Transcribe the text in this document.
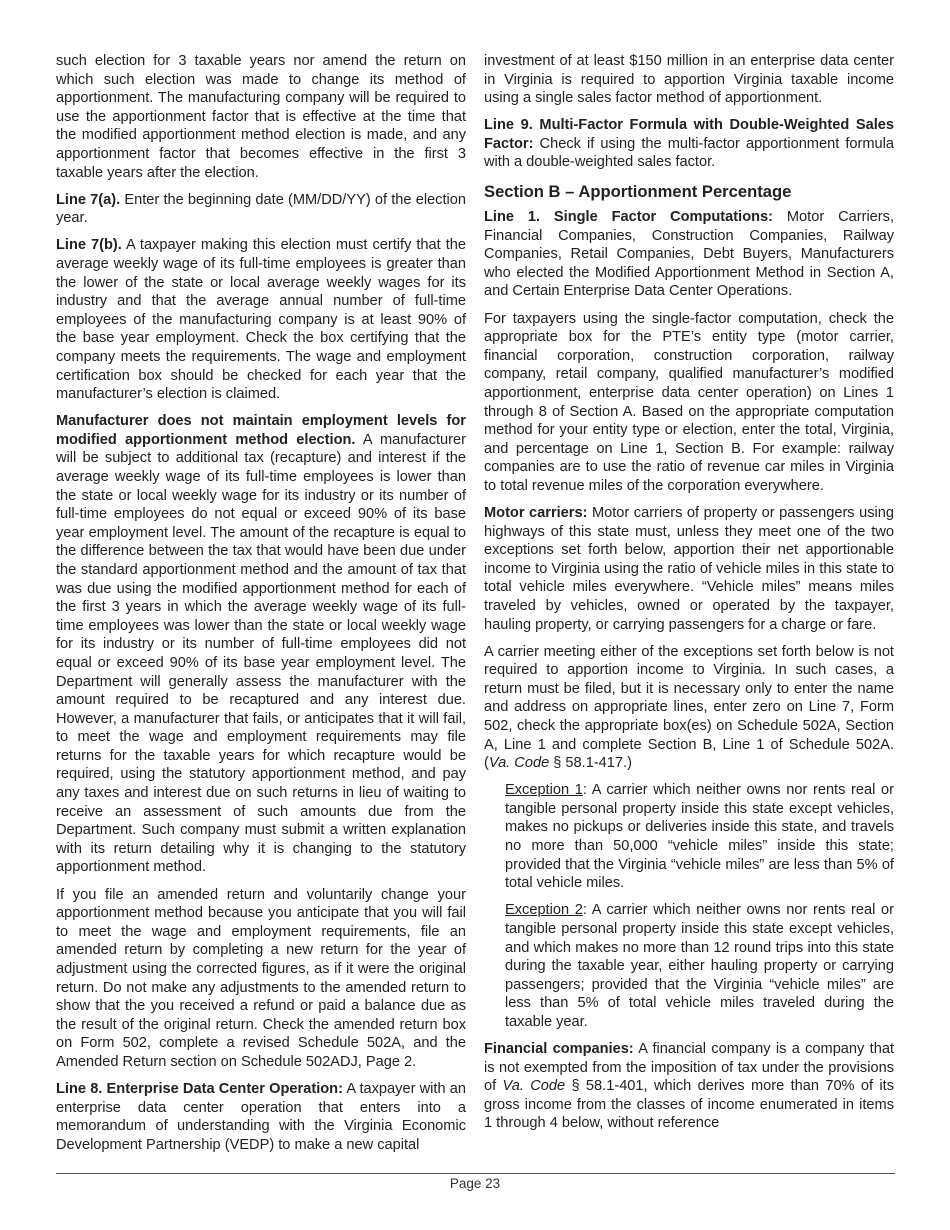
such election for 3 taxable years nor amend the return on which such election was made to change its method of apportionment. The manufacturing company will be required to use the apportionment factor that is effective at the time that the modified apportionment method election is made, and any apportionment factor that becomes effective in the first 3 taxable years after the election.

Line 7(a). Enter the beginning date (MM/DD/YY) of the election year.

Line 7(b). A taxpayer making this election must certify that the average weekly wage of its full-time employees is greater than the lower of the state or local average weekly wages for its industry and that the average annual number of full-time employees of the manufacturing company is at least 90% of the base year employment. Check the box certifying that the company meets the requirements. The wage and employment certification box should be checked for each year that the manufacturer’s election is claimed.

Manufacturer does not maintain employment levels for modified apportionment method election. A manufacturer will be subject to additional tax (recapture) and interest if the average weekly wage of its full-time employees is lower than the state or local weekly wage for its industry or its number of full-time employees do not equal or exceed 90% of its base year employment level. The amount of the recapture is equal to the difference between the tax that would have been due under the standard apportionment method and the amount of tax that was due using the modified apportionment method for each of the first 3 years in which the average weekly wage of its full-time employees was lower than the state or local weekly wage for its industry or its number of full-time employees did not equal or exceed 90% of its base year employment level. The Department will generally assess the manufacturer with the amount required to be recaptured and any interest due. However, a manufacturer that fails, or anticipates that it will fail, to meet the wage and employment requirements may file returns for the taxable years for which recapture would be required, using the statutory apportionment method, and pay any taxes and interest due on such returns in lieu of waiting to receive an assessment of such amounts due from the Department. Such company must submit a written explanation with its return detailing why it is changing to the statutory apportionment method.

If you file an amended return and voluntarily change your apportionment method because you anticipate that you will fail to meet the wage and employment requirements, file an amended return by completing a new return for the year of adjustment using the corrected figures, as if it were the original return. Do not make any adjustments to the amended return to show that the you received a refund or paid a balance due as the result of the original return. Check the amended return box on Form 502, complete a revised Schedule 502A, and the Amended Return section on Schedule 502ADJ, Page 2.

Line 8. Enterprise Data Center Operation: A taxpayer with an enterprise data center operation that enters into a memorandum of understanding with the Virginia Economic Development Partnership (VEDP) to make a new capital

investment of at least $150 million in an enterprise data center in Virginia is required to apportion Virginia taxable income using a single sales factor method of apportionment.

Line 9. Multi-Factor Formula with Double-Weighted Sales Factor: Check if using the multi-factor apportionment formula with a double-weighted sales factor.

Section B – Apportionment Percentage

Line 1. Single Factor Computations: Motor Carriers, Financial Companies, Construction Companies, Railway Companies, Retail Companies, Debt Buyers, Manufacturers who elected the Modified Apportionment Method in Section A, and Certain Enterprise Data Center Operations.

For taxpayers using the single-factor computation, check the appropriate box for the PTE’s entity type (motor carrier, financial corporation, construction corporation, railway company, retail company, qualified manufacturer’s modified apportionment, enterprise data center operation) on Lines 1 through 8 of Section A. Based on the appropriate computation method for your entity type or election, enter the total, Virginia, and percentage on Line 1, Section B. For example: railway companies are to use the ratio of revenue car miles in Virginia to total revenue miles of the corporation everywhere.

Motor carriers: Motor carriers of property or passengers using highways of this state must, unless they meet one of the two exceptions set forth below, apportion their net apportionable income to Virginia using the ratio of vehicle miles in this state to total vehicle miles everywhere. “Vehicle miles” means miles traveled by vehicles, owned or operated by the taxpayer, hauling property, or carrying passengers for a charge or fare.

A carrier meeting either of the exceptions set forth below is not required to apportion income to Virginia. In such cases, a return must be filed, but it is necessary only to enter the name and address on appropriate lines, enter zero on Line 7, Form 502, check the appropriate box(es) on Schedule 502A, Section A, Line 1 and complete Section B, Line 1 of Schedule 502A. (Va. Code § 58.1-417.)

Exception 1: A carrier which neither owns nor rents real or tangible personal property inside this state except vehicles, makes no pickups or deliveries inside this state, and travels no more than 50,000 “vehicle miles” inside this state; provided that the Virginia “vehicle miles” are less than 5% of total vehicle miles.

Exception 2: A carrier which neither owns nor rents real or tangible personal property inside this state except vehicles, and which makes no more than 12 round trips into this state during the taxable year, either hauling property or carrying passengers; provided that the Virginia “vehicle miles” are less than 5% of total vehicle miles traveled during the taxable year.

Financial companies: A financial company is a company that is not exempted from the imposition of tax under the provisions of Va. Code § 58.1-401, which derives more than 70% of its gross income from the classes of income enumerated in items 1 through 4 below, without reference

Page 23
